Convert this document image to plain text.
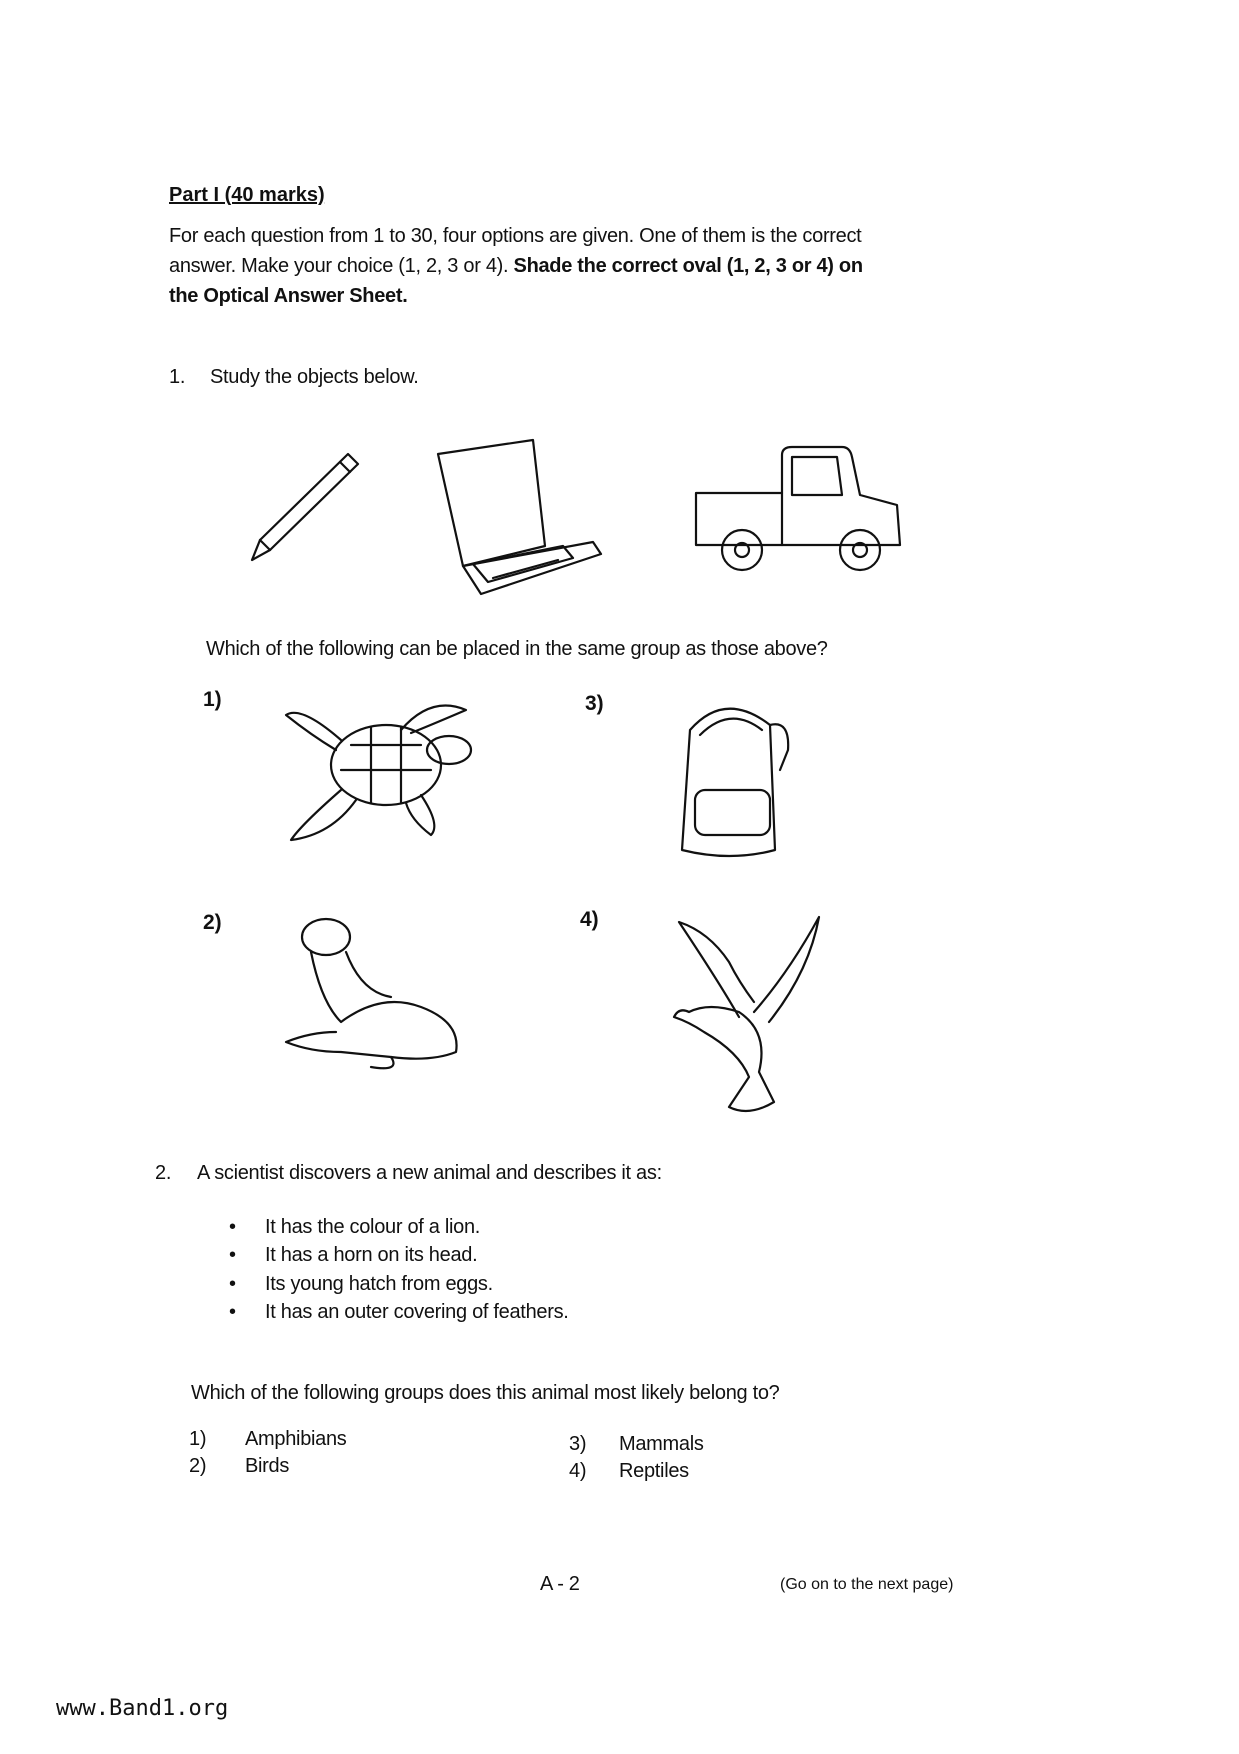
Part I (40 marks)
For each question from 1 to 30, four options are given. One of them is the correct
answer. Make your choice (1, 2, 3 or 4). Shade the correct oval (1, 2, 3 or 4) on
the Optical Answer Sheet.
1. Study the objects below.
Which of the following can be placed in the same group as those above?
1)	3)
2)	4)
2. A scientist discovers a new animal and describes it as:
• It has the colour of a lion.
• It has a horn on its head.
• Its young hatch from eggs.
• It has an outer covering of feathers.
Which of the following groups does this animal most likely belong to?
1) Amphibians
2) Birds
3) Mammals
4) Reptiles
A - 2	(Go on to the next page)
www.Band1.org
